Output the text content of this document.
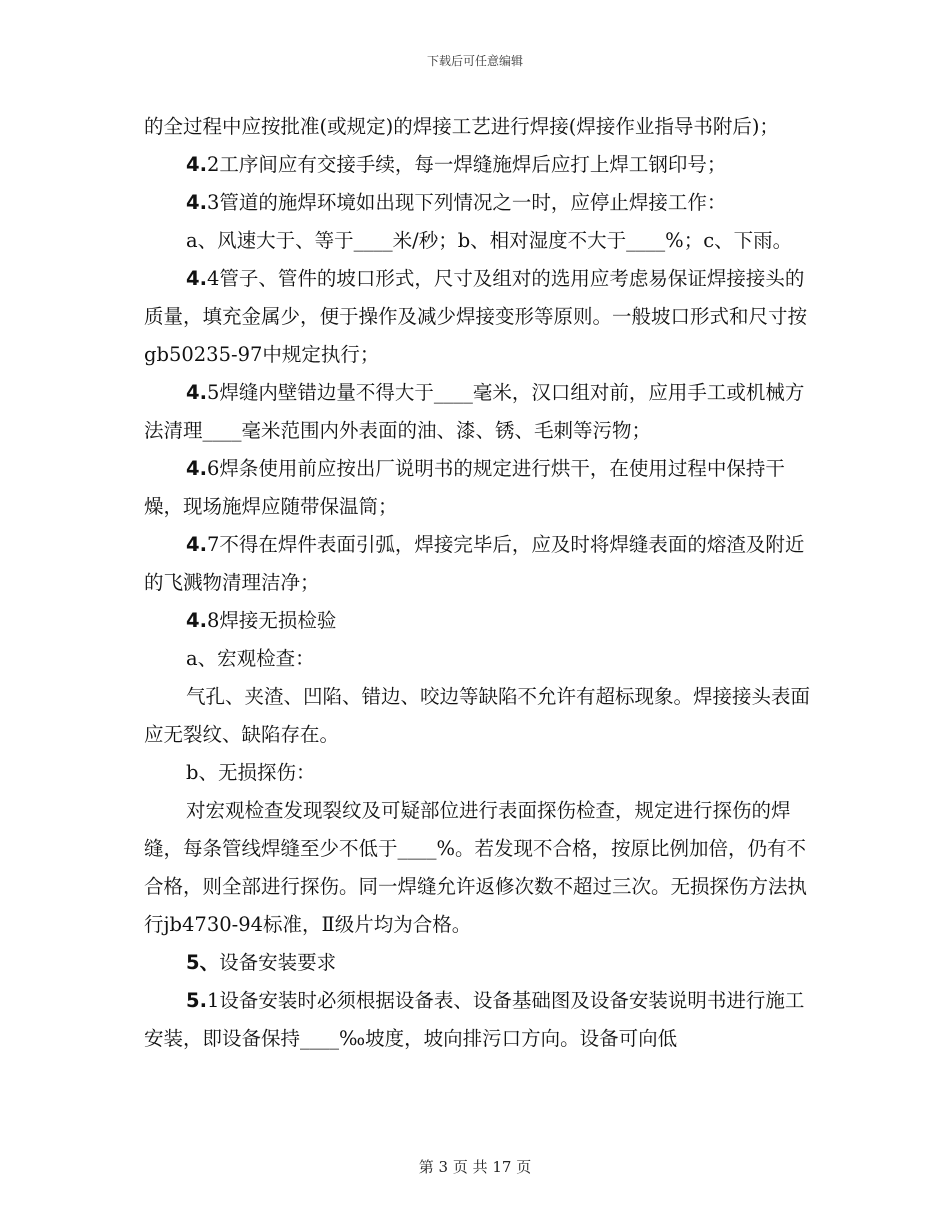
下载后可任意编辑

的全过程中应按批准(或规定)的焊接工艺进行焊接(焊接作业指导书附后)；

4.2工序间应有交接手续，每一焊缝施焊后应打上焊工钢印号；

4.3管道的施焊环境如出现下列情况之一时，应停止焊接工作：

a、风速大于、等于____米/秒；b、相对湿度不大于____%；c、下雨。

4.4管子、管件的坡口形式，尺寸及组对的选用应考虑易保证焊接接头的质量，填充金属少，便于操作及减少焊接变形等原则。一般坡口形式和尺寸按gb50235-97中规定执行；

4.5焊缝内壁错边量不得大于____毫米，汉口组对前，应用手工或机械方法清理____毫米范围内外表面的油、漆、锈、毛刺等污物；

4.6焊条使用前应按出厂说明书的规定进行烘干，在使用过程中保持干燥，现场施焊应随带保温筒；

4.7不得在焊件表面引弧，焊接完毕后，应及时将焊缝表面的熔渣及附近的飞溅物清理洁净；

4.8焊接无损检验

a、宏观检查：

气孔、夹渣、凹陷、错边、咬边等缺陷不允许有超标现象。焊接接头表面应无裂纹、缺陷存在。

b、无损探伤：

对宏观检查发现裂纹及可疑部位进行表面探伤检查，规定进行探伤的焊缝，每条管线焊缝至少不低于____%。若发现不合格，按原比例加倍，仍有不合格，则全部进行探伤。同一焊缝允许返修次数不超过三次。无损探伤方法执行jb4730-94标准，Ⅱ级片均为合格。

5、设备安装要求

5.1设备安装时必须根据设备表、设备基础图及设备安装说明书进行施工安装，即设备保持____‰坡度，坡向排污口方向。设备可向低

第 3 页 共 17 页
